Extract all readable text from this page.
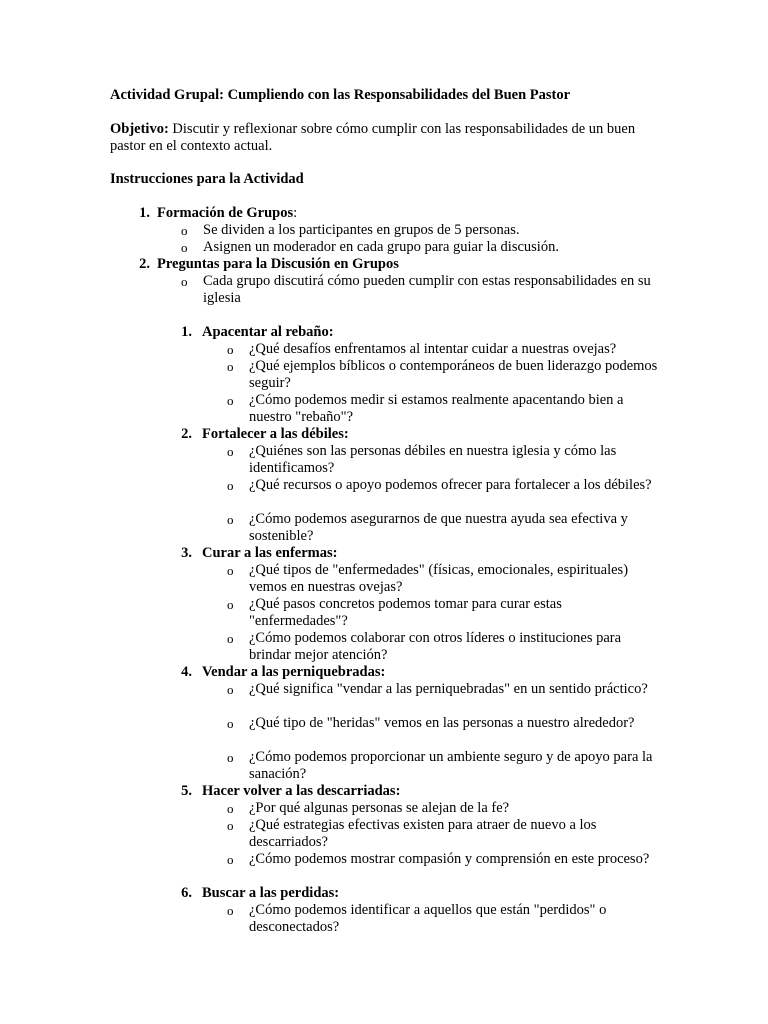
Actividad Grupal: Cumpliendo con las Responsabilidades del Buen Pastor
Objetivo: Discutir y reflexionar sobre cómo cumplir con las responsabilidades de un buen pastor en el contexto actual.
Instrucciones para la Actividad
1. Formación de Grupos:
o	Se dividen a los participantes en grupos de 5 personas.
o	Asignen un moderador en cada grupo para guiar la discusión.
2. Preguntas para la Discusión en Grupos
o	Cada grupo discutirá cómo pueden cumplir con estas responsabilidades en su iglesia
1. Apacentar al rebaño:
o	¿Qué desafíos enfrentamos al intentar cuidar a nuestras ovejas?
o	¿Qué ejemplos bíblicos o contemporáneos de buen liderazgo podemos seguir?
o	¿Cómo podemos medir si estamos realmente apacentando bien a nuestro "rebaño"?
2. Fortalecer a las débiles:
o	¿Quiénes son las personas débiles en nuestra iglesia y cómo las identificamos?
o	¿Qué recursos o apoyo podemos ofrecer para fortalecer a los débiles?
o	¿Cómo podemos asegurarnos de que nuestra ayuda sea efectiva y sostenible?
3. Curar a las enfermas:
o	¿Qué tipos de "enfermedades" (físicas, emocionales, espirituales) vemos en nuestras ovejas?
o	¿Qué pasos concretos podemos tomar para curar estas "enfermedades"?
o	¿Cómo podemos colaborar con otros líderes o instituciones para brindar mejor atención?
4. Vendar a las perniquebradas:
o	¿Qué significa "vendar a las perniquebradas" en un sentido práctico?
o	¿Qué tipo de "heridas" vemos en las personas a nuestro alrededor?
o	¿Cómo podemos proporcionar un ambiente seguro y de apoyo para la sanación?
5. Hacer volver a las descarriadas:
o	¿Por qué algunas personas se alejan de la fe?
o	¿Qué estrategias efectivas existen para atraer de nuevo a los descarriados?
o	¿Cómo podemos mostrar compasión y comprensión en este proceso?
6. Buscar a las perdidas:
o	¿Cómo podemos identificar a aquellos que están "perdidos" o desconectados?
